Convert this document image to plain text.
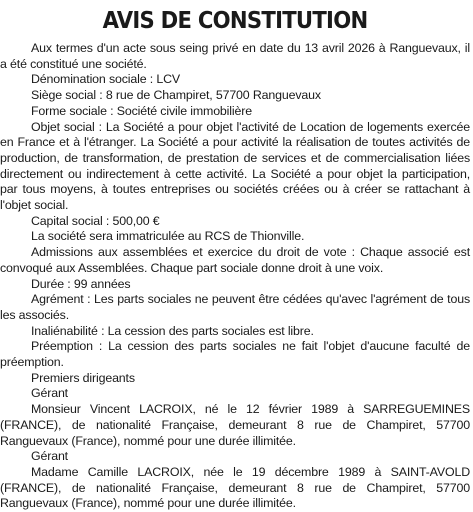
AVIS DE CONSTITUTION

Aux termes d'un acte sous seing privé en date du 13 avril 2026 à Ranguevaux, il a été constitué une société.

Dénomination sociale : LCV

Siège social : 8 rue de Champiret, 57700 Ranguevaux

Forme sociale : Société civile immobilière

Objet social : La Société a pour objet l'activité de Location de logements exercée en France et à l'étranger. La Société a pour activité la réalisation de toutes activités de production, de transformation, de prestation de services et de commercialisation liées directement ou indirectement à cette activité. La Société a pour objet la participation, par tous moyens, à toutes entreprises ou sociétés créées ou à créer se rattachant à l'objet social.

Capital social : 500,00 €

La société sera immatriculée au RCS de Thionville.

Admissions aux assemblées et exercice du droit de vote : Chaque associé est convoqué aux Assemblées. Chaque part sociale donne droit à une voix.

Durée : 99 années

Agrément : Les parts sociales ne peuvent être cédées qu'avec l'agrément de tous les associés.

Inaliénabilité : La cession des parts sociales est libre.

Préemption : La cession des parts sociales ne fait l'objet d'aucune faculté de préemption.

Premiers dirigeants

Gérant

Monsieur Vincent LACROIX, né le 12 février 1989 à SARREGUEMINES (FRANCE), de nationalité Française, demeurant 8 rue de Champiret, 57700 Ranguevaux (France), nommé pour une durée illimitée.

Gérant

Madame Camille LACROIX, née le 19 décembre 1989 à SAINT-AVOLD (FRANCE), de nationalité Française, demeurant 8 rue de Champiret, 57700 Ranguevaux (France), nommé pour une durée illimitée.
